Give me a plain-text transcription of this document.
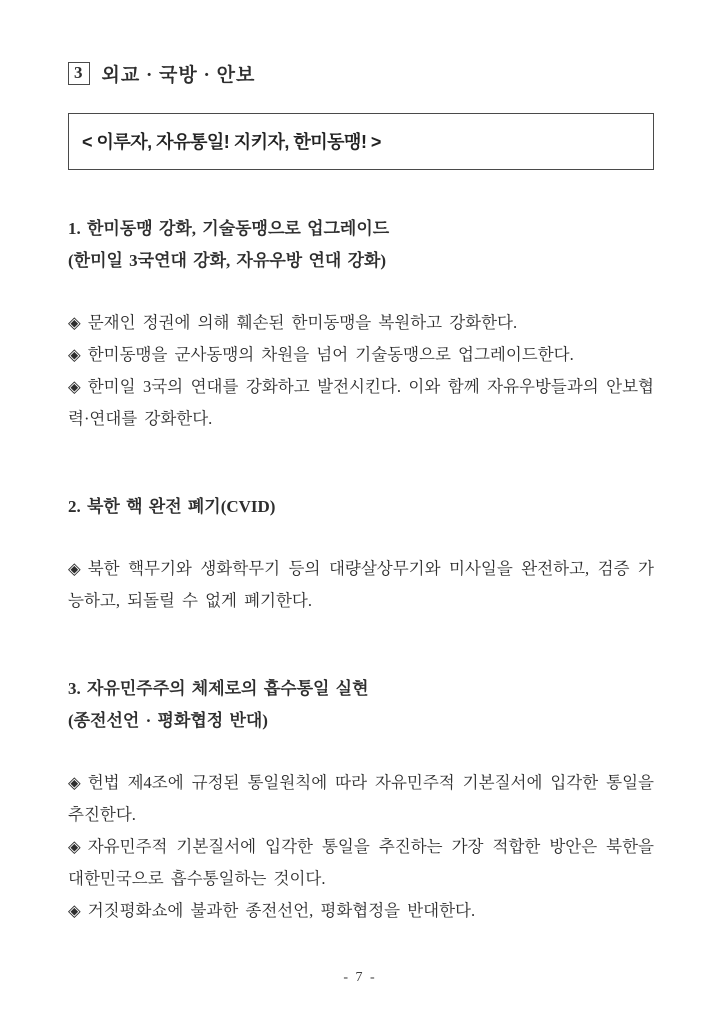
3 외교 · 국방 · 안보
< 이루자, 자유통일! 지키자, 한미동맹! >

1. 한미동맹 강화, 기술동맹으로 업그레이드

(한미일 3국연대 강화, 자유우방 연대 강화)

◈ 문재인 정권에 의해 훼손된 한미동맹을 복원하고 강화한다.

◈ 한미동맹을 군사동맹의 차원을 넘어 기술동맹으로 업그레이드한다.

◈ 한미일 3국의 연대를 강화하고 발전시킨다. 이와 함께 자유우방들과의 안보협력·연대를 강화한다.

2. 북한 핵 완전 폐기(CVID)

◈ 북한 핵무기와 생화학무기 등의 대량살상무기와 미사일을 완전하고, 검증 가능하고, 되돌릴 수 없게 폐기한다.

3. 자유민주주의 체제로의 흡수통일 실현

(종전선언 · 평화협정 반대)

◈ 헌법 제4조에 규정된 통일원칙에 따라 자유민주적 기본질서에 입각한 통일을 추진한다.

◈ 자유민주적 기본질서에 입각한 통일을 추진하는 가장 적합한 방안은 북한을 대한민국으로 흡수통일하는 것이다.

◈ 거짓평화쇼에 불과한 종전선언, 평화협정을 반대한다.

- 7 -
